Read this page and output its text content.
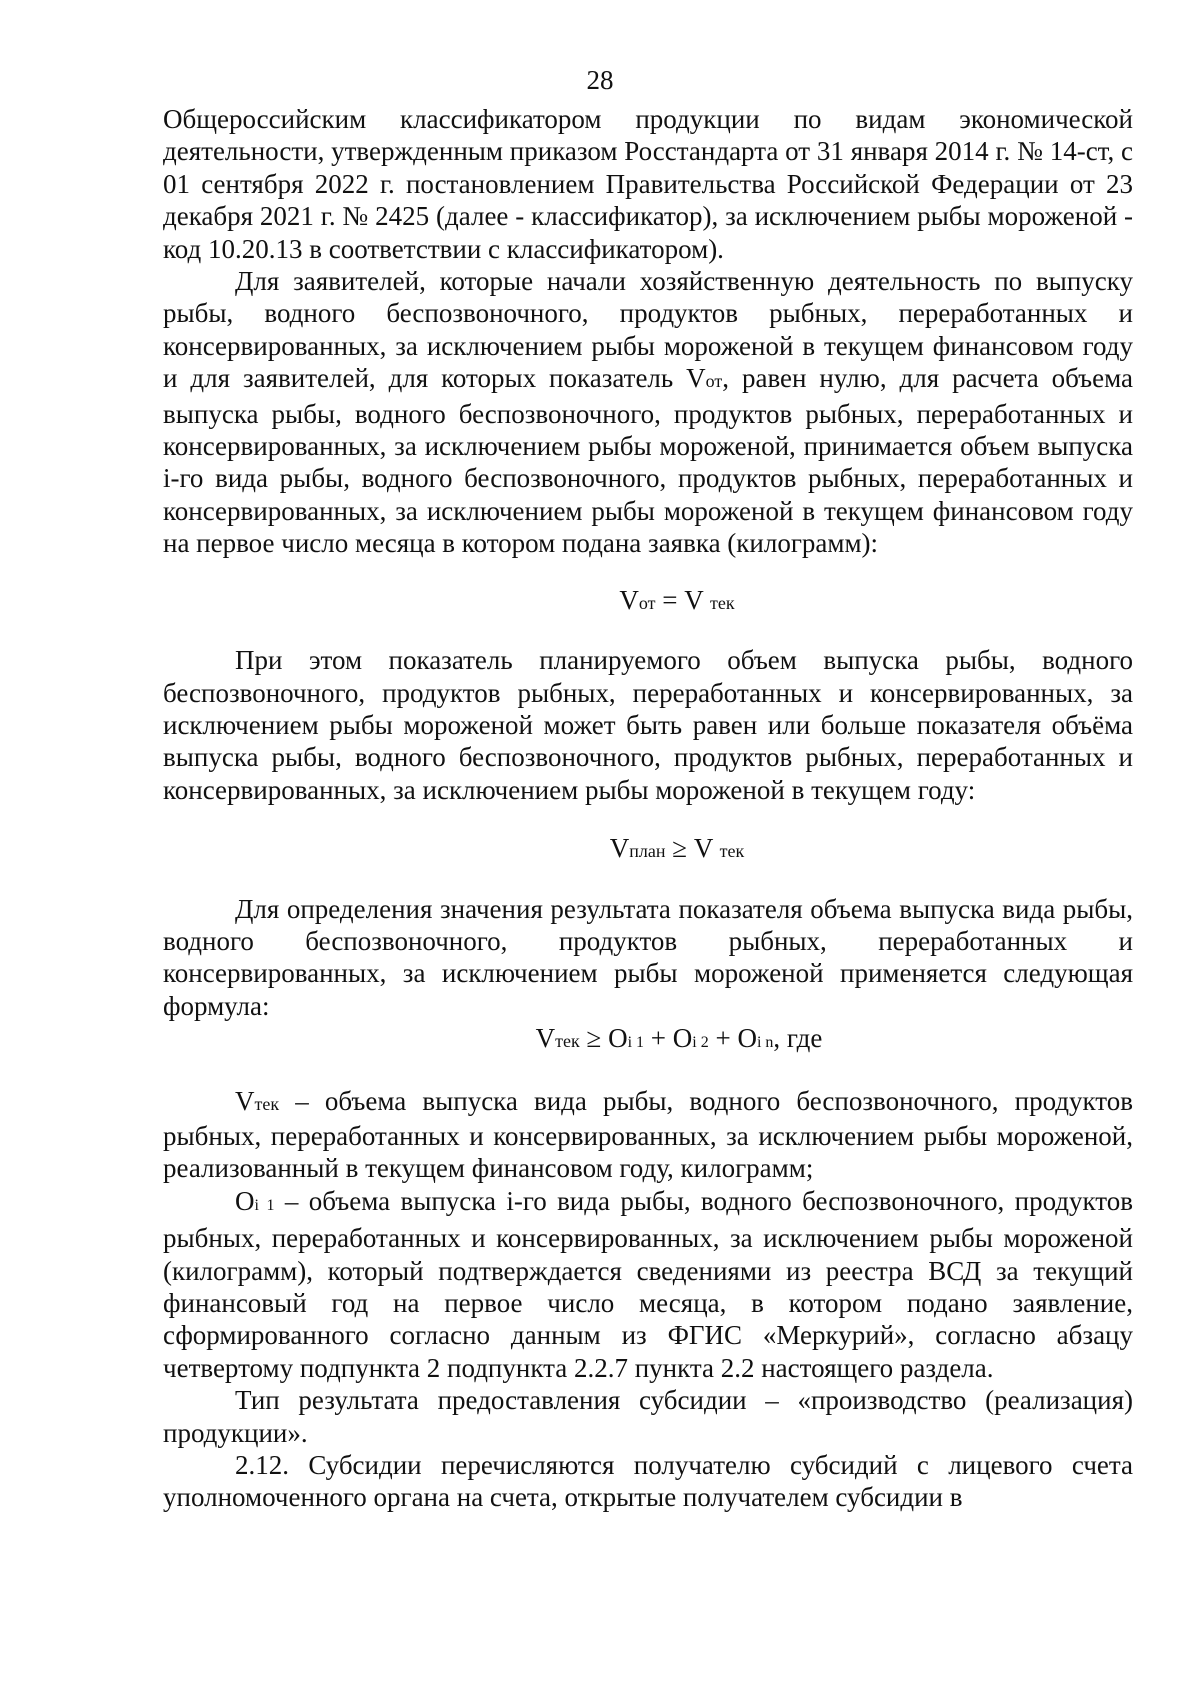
28

Общероссийским классификатором продукции по видам экономической деятельности, утвержденным приказом Росстандарта от 31 января 2014 г. № 14-ст, с 01 сентября 2022 г. постановлением Правительства Российской Федерации от 23 декабря 2021 г. № 2425 (далее - классификатор), за исключением рыбы мороженой - код 10.20.13 в соответствии с классификатором).

Для заявителей, которые начали хозяйственную деятельность по выпуску рыбы, водного беспозвоночного, продуктов рыбных, переработанных и консервированных, за исключением рыбы мороженой в текущем финансовом году и для заявителей, для которых показатель Vот, равен нулю, для расчета объема выпуска рыбы, водного беспозвоночного, продуктов рыбных, переработанных и консервированных, за исключением рыбы мороженой, принимается объем выпуска i-го вида рыбы, водного беспозвоночного, продуктов рыбных, переработанных и консервированных, за исключением рыбы мороженой в текущем финансовом году на первое число месяца в котором подана заявка (килограмм):

Vот = V тек

При этом показатель планируемого объем выпуска рыбы, водного беспозвоночного, продуктов рыбных, переработанных и консервированных, за исключением рыбы мороженой может быть равен или больше показателя объёма выпуска рыбы, водного беспозвоночного, продуктов рыбных, переработанных и консервированных, за исключением рыбы мороженой в текущем году:

Vплан ≥ V тек

Для определения значения результата показателя объема выпуска вида рыбы, водного беспозвоночного, продуктов рыбных, переработанных и консервированных, за исключением рыбы мороженой применяется следующая формула:

Vтек ≥ Oi 1 + Oi 2 + Oi n, где

Vтек – объема выпуска вида рыбы, водного беспозвоночного, продуктов рыбных, переработанных и консервированных, за исключением рыбы мороженой, реализованный в текущем финансовом году, килограмм;

Oi 1 – объема выпуска i-го вида рыбы, водного беспозвоночного, продуктов рыбных, переработанных и консервированных, за исключением рыбы мороженой (килограмм), который подтверждается сведениями из реестра ВСД за текущий финансовый год на первое число месяца, в котором подано заявление, сформированного согласно данным из ФГИС «Меркурий», согласно абзацу четвертому подпункта 2 подпункта 2.2.7 пункта 2.2 настоящего раздела.

Тип результата предоставления субсидии – «производство (реализация) продукции».

2.12. Субсидии перечисляются получателю субсидий с лицевого счета уполномоченного органа на счета, открытые получателем субсидии в
